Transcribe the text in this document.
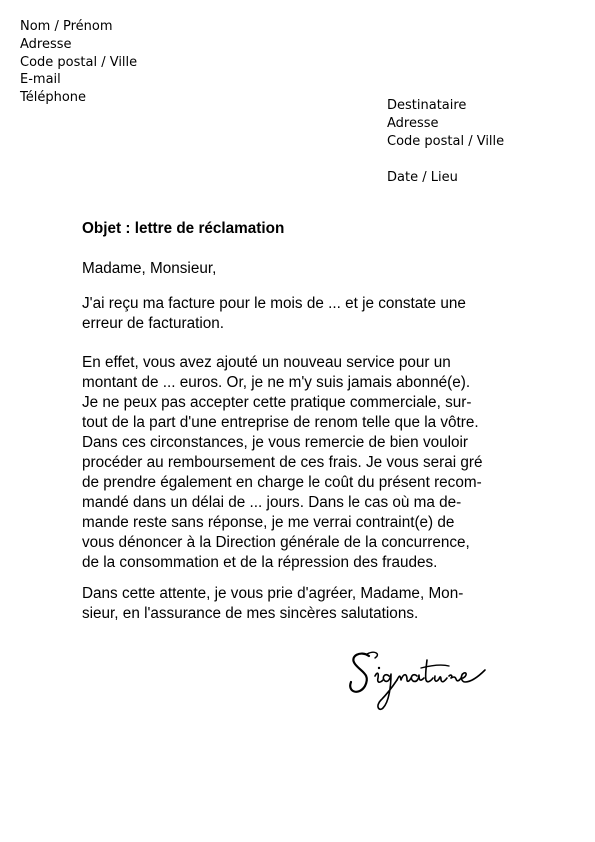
Nom / Prénom
Adresse
Code postal / Ville
E-mail
Téléphone
Destinataire
Adresse
Code postal / Ville
Date / Lieu
Objet : lettre de réclamation
Madame, Monsieur,
J'ai reçu ma facture pour le mois de ... et je constate une
erreur de facturation.
En effet, vous avez ajouté un nouveau service pour un
montant de ... euros. Or, je ne m'y suis jamais abonné(e).
Je ne peux pas accepter cette pratique commerciale, sur-
tout de la part d'une entreprise de renom telle que la vôtre.
Dans ces circonstances, je vous remercie de bien vouloir
procéder au remboursement de ces frais. Je vous serai gré
de prendre également en charge le coût du présent recom-
mandé dans un délai de ... jours. Dans le cas où ma de-
mande reste sans réponse, je me verrai contraint(e) de
vous dénoncer à la Direction générale de la concurrence,
de la consommation et de la répression des fraudes.
Dans cette attente, je vous prie d'agréer, Madame, Mon-
sieur, en l'assurance de mes sincères salutations.
